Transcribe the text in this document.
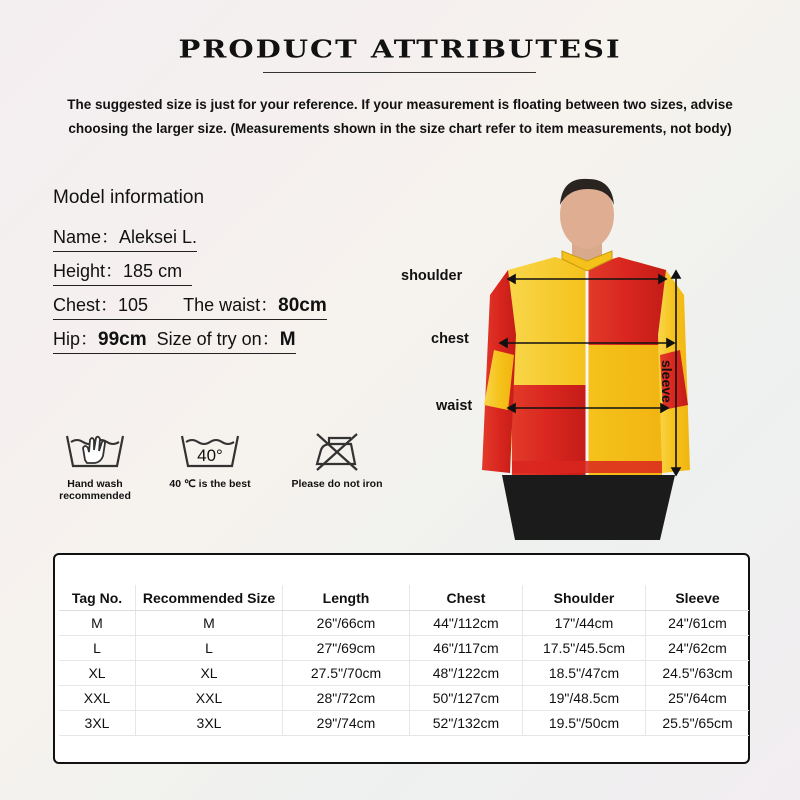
PRODUCT ATTRIBUTESI
The suggested size is just for your reference. If your measurement is floating between two sizes, advise choosing the larger size. (Measurements shown in the size chart refer to item measurements, not body)
Model information
Name：Aleksei L.
Height：185 cm
Chest：105 The waist：80cm
Hip：99cm Size of try on：M
Hand wash recommended
40°
40 ℃ is the best	Please do not iron
shoulder
chest
waist
sleeve
Tag No.	Recommended Size	Length	Chest	Shoulder	Sleeve
M	M	26"/66cm	44"/112cm	17"/44cm	24"/61cm
L	L	27"/69cm	46"/117cm	17.5"/45.5cm	24"/62cm
XL	XL	27.5"/70cm	48"/122cm	18.5"/47cm	24.5"/63cm
XXL	XXL	28"/72cm	50"/127cm	19"/48.5cm	25"/64cm
3XL	3XL	29"/74cm	52"/132cm	19.5"/50cm	25.5"/65cm
